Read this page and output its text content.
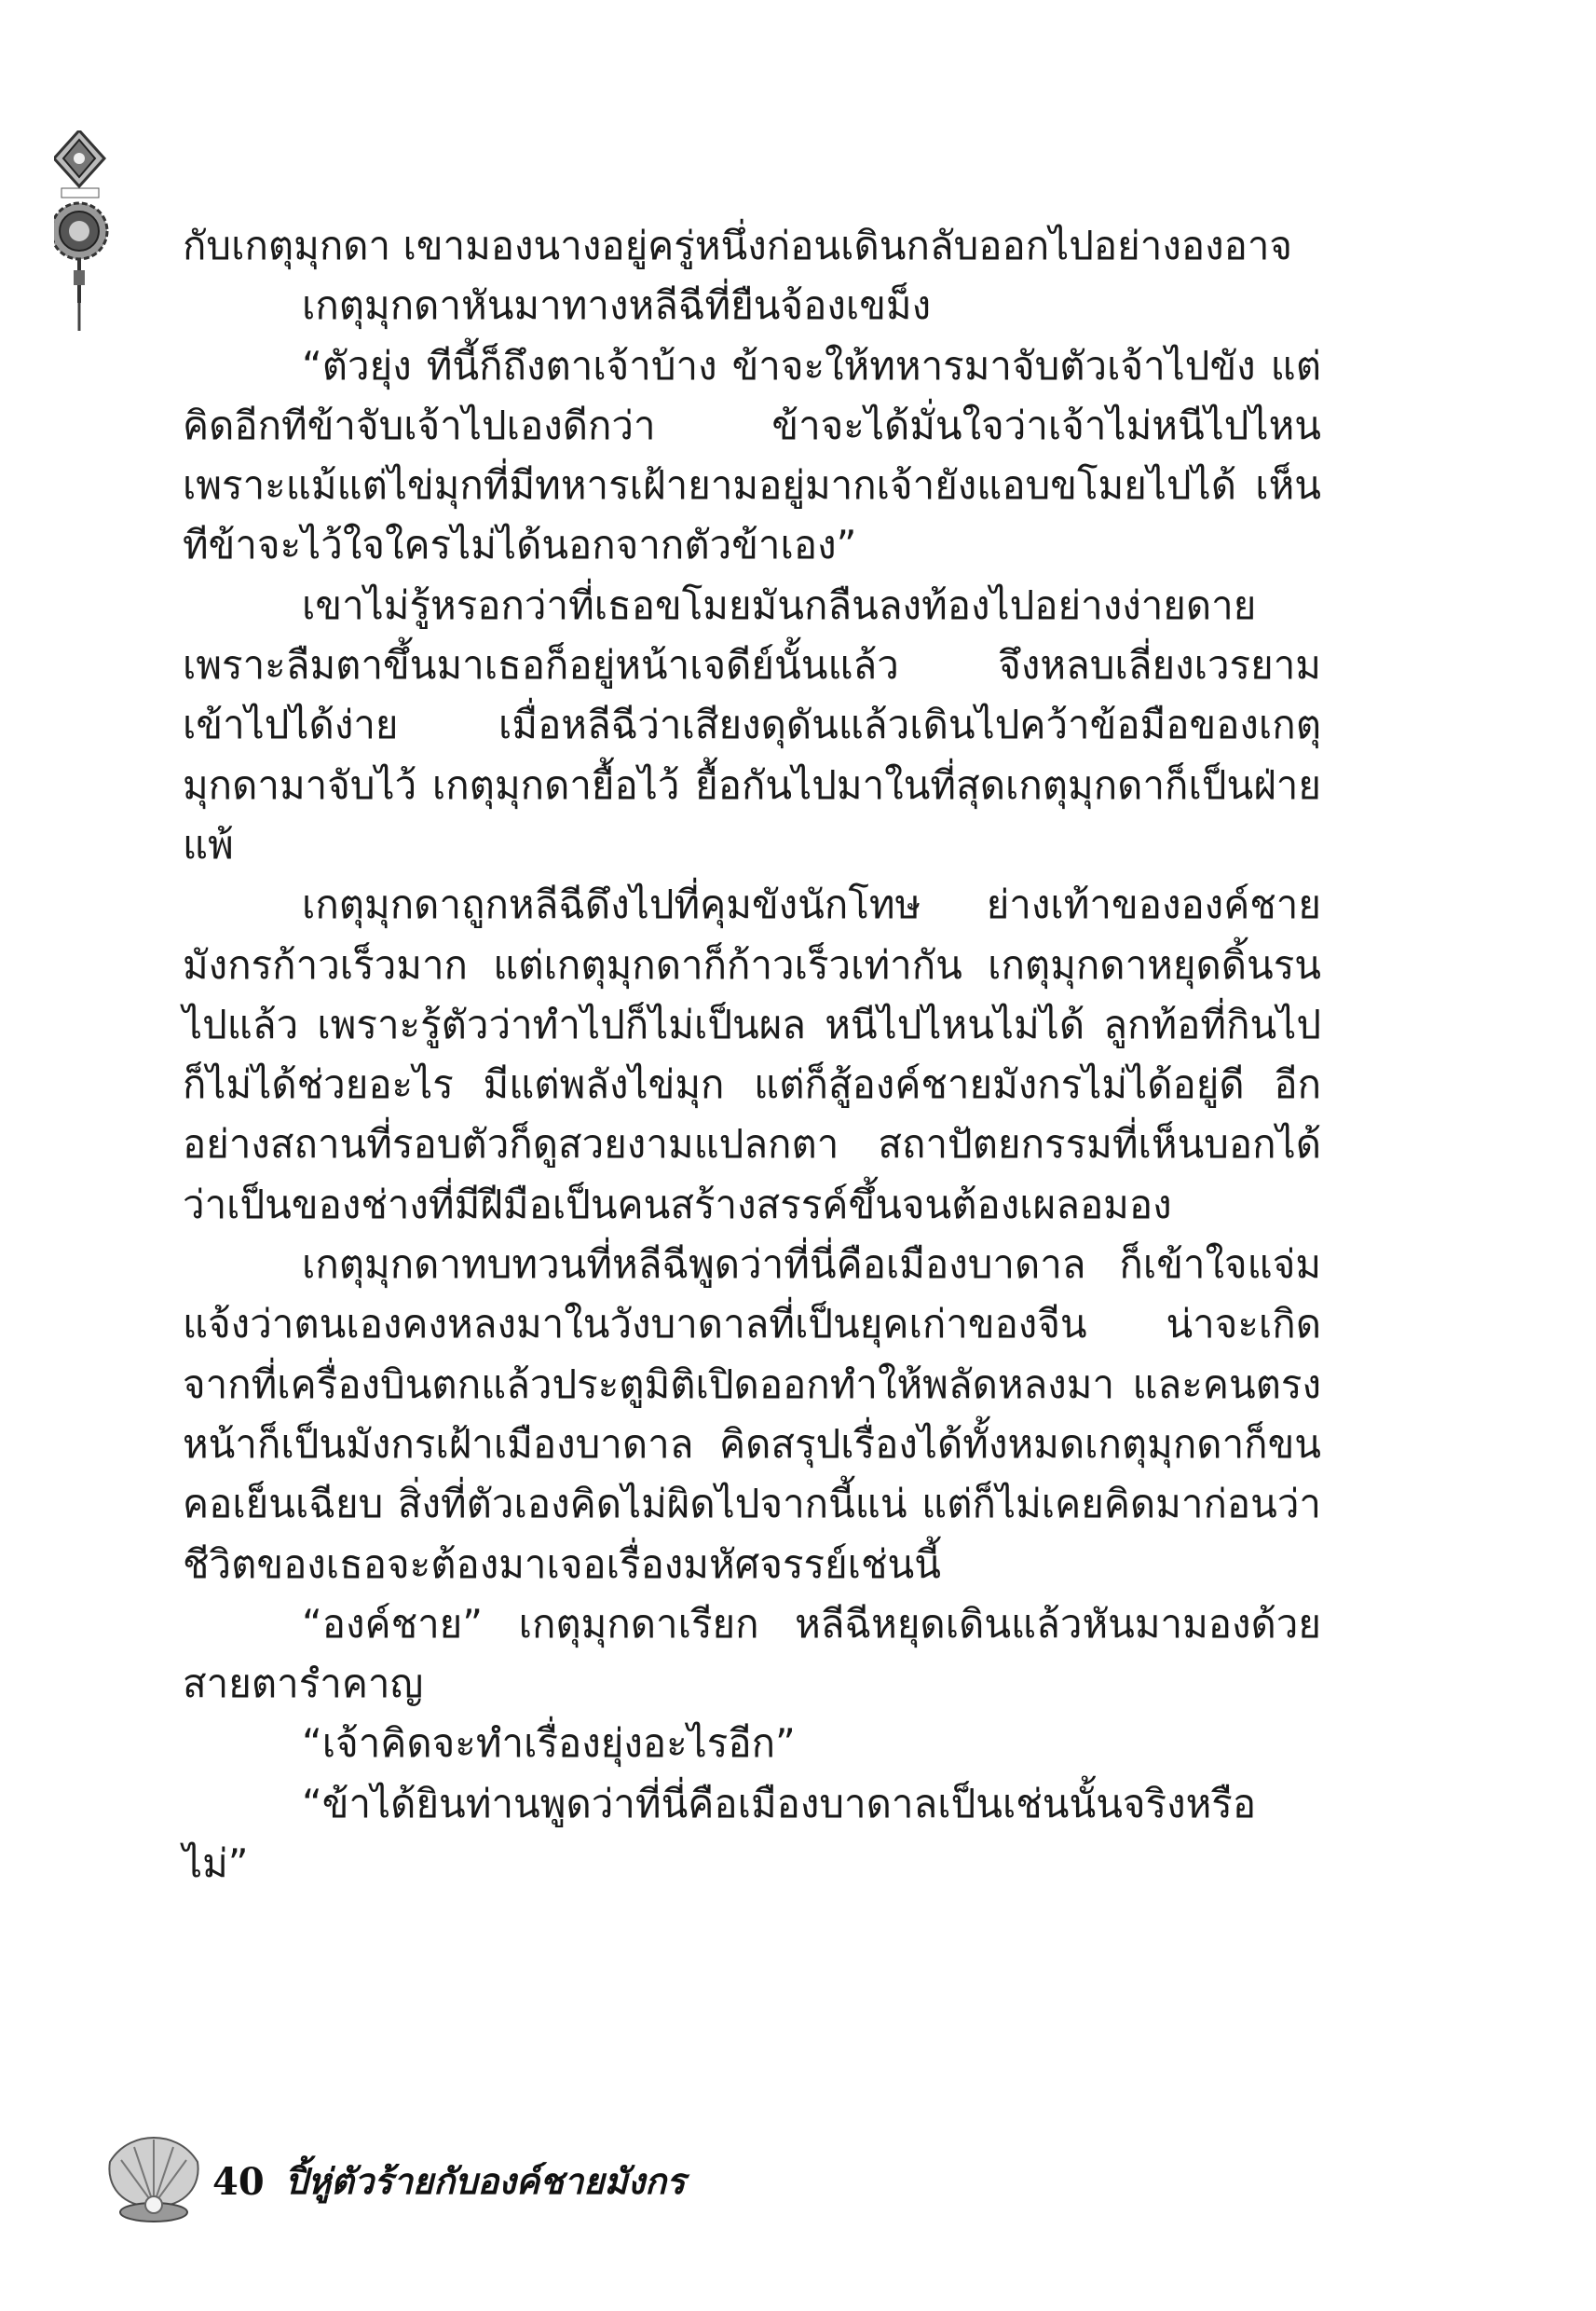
กับเกตุมุกดา เขามองนางอยู่ครู่หนึ่งก่อนเดินกลับออกไปอย่างองอาจ

เกตุมุกดาหันมาทางหลีฉีที่ยืนจ้องเขม็ง

“ตัวยุ่ง ทีนี้ก็ถึงตาเจ้าบ้าง ข้าจะให้ทหารมาจับตัวเจ้าไปขัง แต่คิดอีกทีข้าจับเจ้าไปเองดีกว่า ข้าจะได้มั่นใจว่าเจ้าไม่หนีไปไหน เพราะแม้แต่ไข่มุกที่มีทหารเฝ้ายามอยู่มากเจ้ายังแอบขโมยไปได้ เห็นทีข้าจะไว้ใจใครไม่ได้นอกจากตัวข้าเอง”

เขาไม่รู้หรอกว่าที่เธอขโมยมันกลืนลงท้องไปอย่างง่ายดาย เพราะลืมตาขึ้นมาเธอก็อยู่หน้าเจดีย์นั้นแล้ว จึงหลบเลี่ยงเวรยามเข้าไปได้ง่าย เมื่อหลีฉีว่าเสียงดุดันแล้วเดินไปคว้าข้อมือของเกตุมุกดามาจับไว้ เกตุมุกดายื้อไว้ ยื้อกันไปมาในที่สุดเกตุมุกดาก็เป็นฝ่ายแพ้

เกตุมุกดาถูกหลีฉีดึงไปที่คุมขังนักโทษ ย่างเท้าขององค์ชายมังกรก้าวเร็วมาก แต่เกตุมุกดาก็ก้าวเร็วเท่ากัน เกตุมุกดาหยุดดิ้นรนไปแล้ว เพราะรู้ตัวว่าทำไปก็ไม่เป็นผล หนีไปไหนไม่ได้ ลูกท้อที่กินไปก็ไม่ได้ช่วยอะไร มีแต่พลังไข่มุก แต่ก็สู้องค์ชายมังกรไม่ได้อยู่ดี อีกอย่างสถานที่รอบตัวก็ดูสวยงามแปลกตา สถาปัตยกรรมที่เห็นบอกได้ว่าเป็นของช่างที่มีฝีมือเป็นคนสร้างสรรค์ขึ้นจนต้องเผลอมอง

เกตุมุกดาทบทวนที่หลีฉีพูดว่าที่นี่คือเมืองบาดาล ก็เข้าใจแจ่มแจ้งว่าตนเองคงหลงมาในวังบาดาลที่เป็นยุคเก่าของจีน น่าจะเกิดจากที่เครื่องบินตกแล้วประตูมิติเปิดออกทำให้พลัดหลงมา และคนตรงหน้าก็เป็นมังกรเฝ้าเมืองบาดาล คิดสรุปเรื่องได้ทั้งหมดเกตุมุกดาก็ขนคอเย็นเฉียบ สิ่งที่ตัวเองคิดไม่ผิดไปจากนี้แน่ แต่ก็ไม่เคยคิดมาก่อนว่าชีวิตของเธอจะต้องมาเจอเรื่องมหัศจรรย์เช่นนี้

“องค์ชาย” เกตุมุกดาเรียก หลีฉีหยุดเดินแล้วหันมามองด้วยสายตารำคาญ

“เจ้าคิดจะทำเรื่องยุ่งอะไรอีก”

“ข้าได้ยินท่านพูดว่าที่นี่คือเมืองบาดาลเป็นเช่นนั้นจริงหรือไม่”

40 ปิ้หู่ตัวร้ายกับองค์ชายมังกร
